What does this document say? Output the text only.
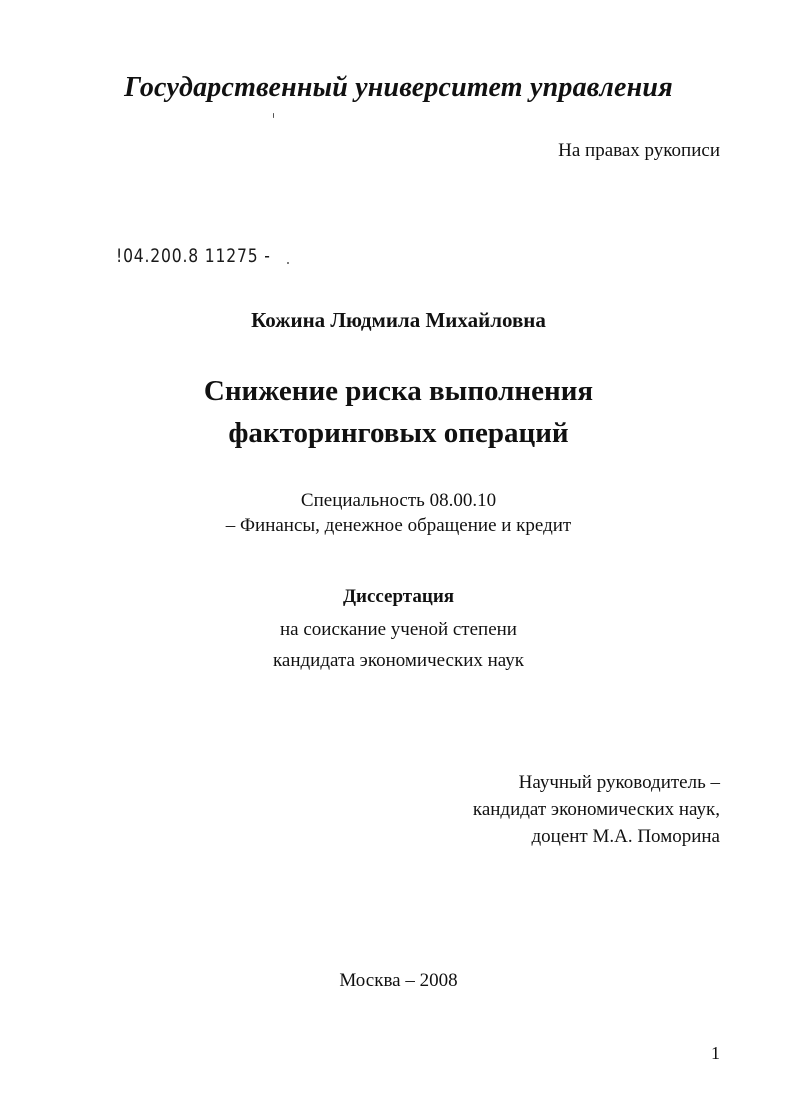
Государственный университет управления
На правах рукописи
!04.200.8 11275 -
Кожина Людмила Михайловна
Снижение риска выполнения
факторинговых операций
Специальность 08.00.10
– Финансы, денежное обращение и кредит
Диссертация
на соискание ученой степени
кандидата экономических наук
Научный руководитель –
кандидат экономических наук,
доцент М.А. Поморина
Москва – 2008
1
